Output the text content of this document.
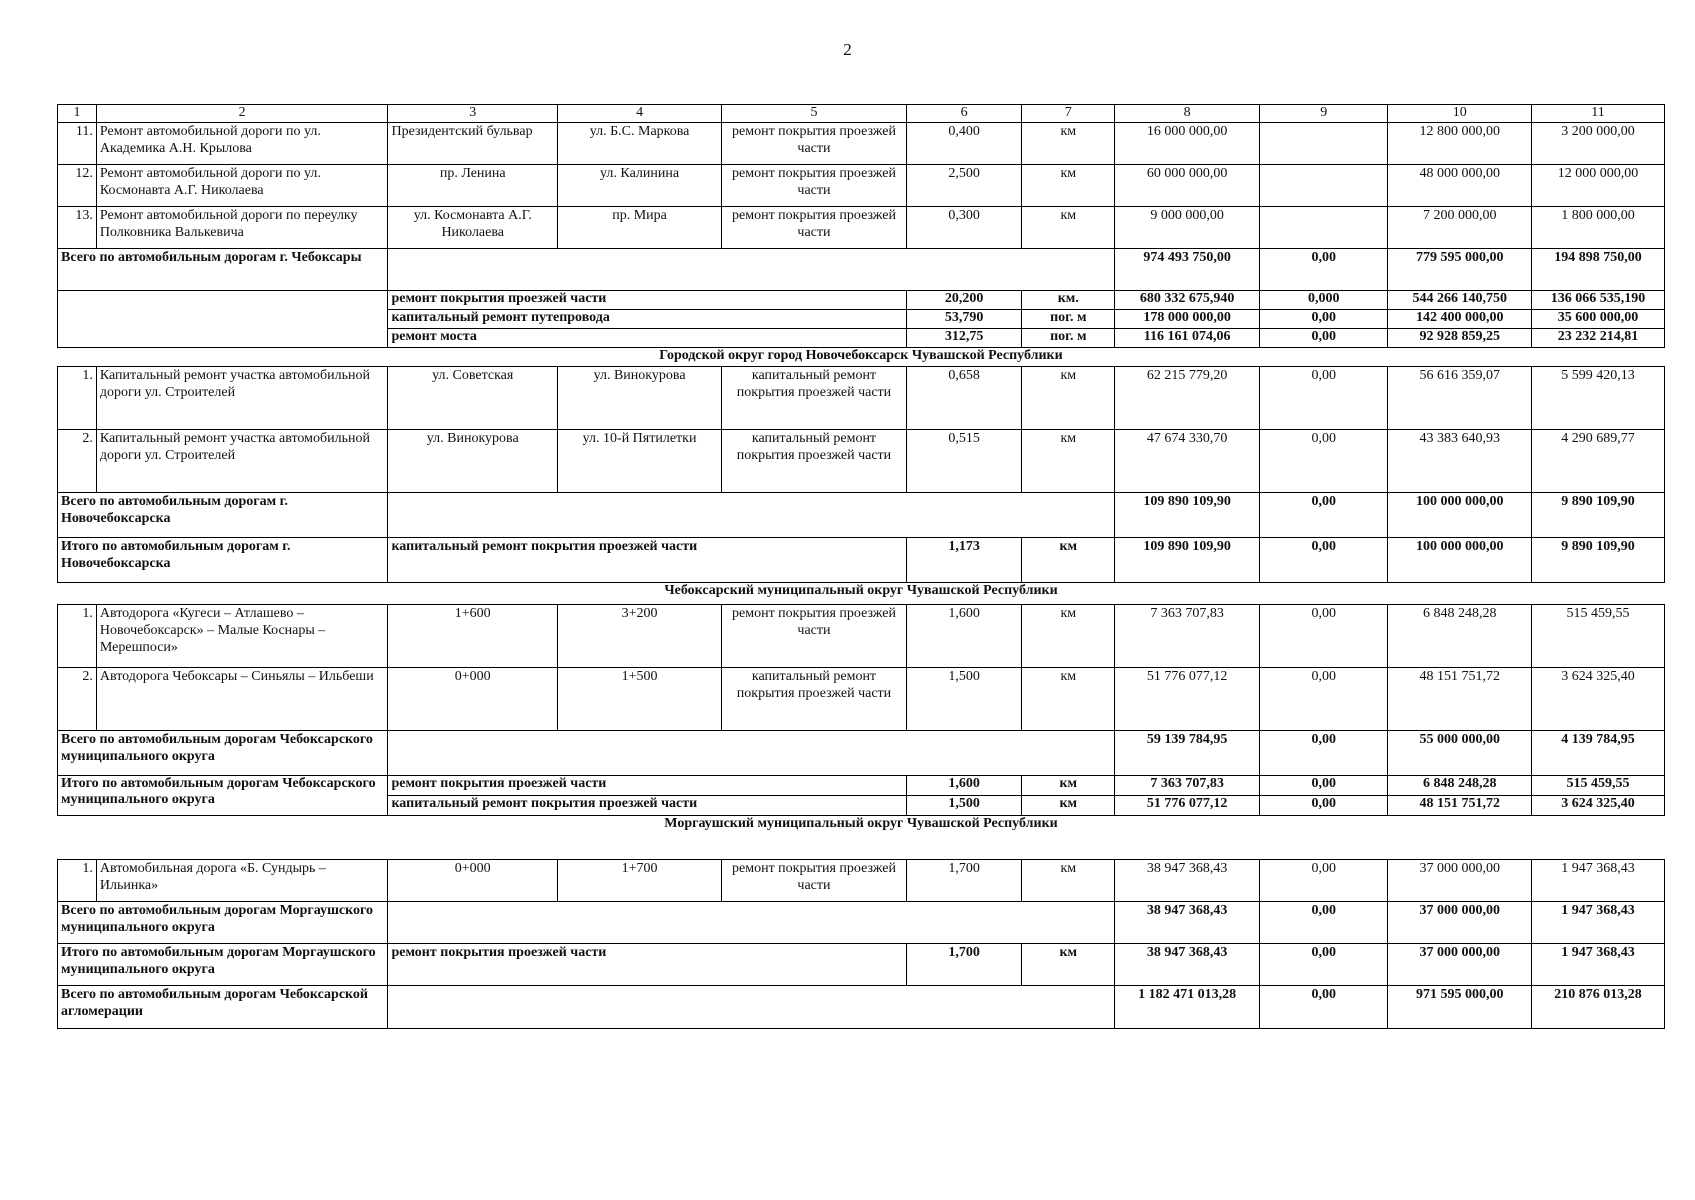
2
1	2	3	4	5	6	7	8	9	10	11
11.	Ремонт автомобильной дороги по ул. Академика А.Н. Крылова	Президентский бульвар	ул. Б.С. Маркова	ремонт покрытия проезжей части	0,400	км	16 000 000,00		12 800 000,00	3 200 000,00
12.	Ремонт автомобильной дороги по ул. Космонавта А.Г. Николаева	пр. Ленина	ул. Калинина	ремонт покрытия проезжей части	2,500	км	60 000 000,00		48 000 000,00	12 000 000,00
13.	Ремонт автомобильной дороги по переулку Полковника Валькевича	ул. Космонавта А.Г. Николаева	пр. Мира	ремонт покрытия проезжей части	0,300	км	9 000 000,00		7 200 000,00	1 800 000,00
Всего по автомобильным дорогам г. Чебоксары							974 493 750,00	0,00	779 595 000,00	194 898 750,00
		ремонт покрытия проезжей части			20,200	км.	680 332 675,940	0,000	544 266 140,750	136 066 535,190
		капитальный ремонт путепровода			53,790	пог. м	178 000 000,00	0,00	142 400 000,00	35 600 000,00
		ремонт моста			312,75	пог. м	116 161 074,06	0,00	92 928 859,25	23 232 214,81
Городской округ город Новочебоксарск Чувашской Республики										
1.	Капитальный ремонт участка автомобильной дороги ул. Строителей	ул. Советская	ул. Винокурова	капитальный ремонт покрытия проезжей части	0,658	км	62 215 779,20	0,00	56 616 359,07	5 599 420,13
2.	Капитальный ремонт участка автомобильной дороги ул. Строителей	ул. Винокурова	ул. 10-й Пятилетки	капитальный ремонт покрытия проезжей части	0,515	км	47 674 330,70	0,00	43 383 640,93	4 290 689,77
Всего по автомобильным дорогам г. Новочебоксарска							109 890 109,90	0,00	100 000 000,00	9 890 109,90
Итого по автомобильным дорогам г. Новочебоксарска		капитальный ремонт покрытия проезжей части			1,173	км	109 890 109,90	0,00	100 000 000,00	9 890 109,90
Чебоксарский муниципальный округ Чувашской Республики										
1.	Автодорога «Кугеси – Атлашево – Новочебоксарск» – Малые Коснары – Мерешпоси»	1+600	3+200	ремонт покрытия проезжей части	1,600	км	7 363 707,83	0,00	6 848 248,28	515 459,55
2.	Автодорога Чебоксары – Синьялы – Ильбеши	0+000	1+500	капитальный ремонт покрытия проезжей части	1,500	км	51 776 077,12	0,00	48 151 751,72	3 624 325,40
Всего по автомобильным дорогам Чебоксарского муниципального округа							59 139 784,95	0,00	55 000 000,00	4 139 784,95
Итого по автомобильным дорогам Чебоксарского муниципального округа		ремонт покрытия проезжей части			1,600	км	7 363 707,83	0,00	6 848 248,28	515 459,55
		капитальный ремонт покрытия проезжей части			1,500	км	51 776 077,12	0,00	48 151 751,72	3 624 325,40
Моргаушский муниципальный округ Чувашской Республики										
1.	Автомобильная дорога «Б. Сундырь – Ильинка»	0+000	1+700	ремонт покрытия проезжей части	1,700	км	38 947 368,43	0,00	37 000 000,00	1 947 368,43
Всего по автомобильным дорогам Моргаушского муниципального округа							38 947 368,43	0,00	37 000 000,00	1 947 368,43
Итого по автомобильным дорогам Моргаушского муниципального округа		ремонт покрытия проезжей части			1,700	км	38 947 368,43	0,00	37 000 000,00	1 947 368,43
Всего по автомобильным дорогам Чебоксарской агломерации							1 182 471 013,28	0,00	971 595 000,00	210 876 013,28
